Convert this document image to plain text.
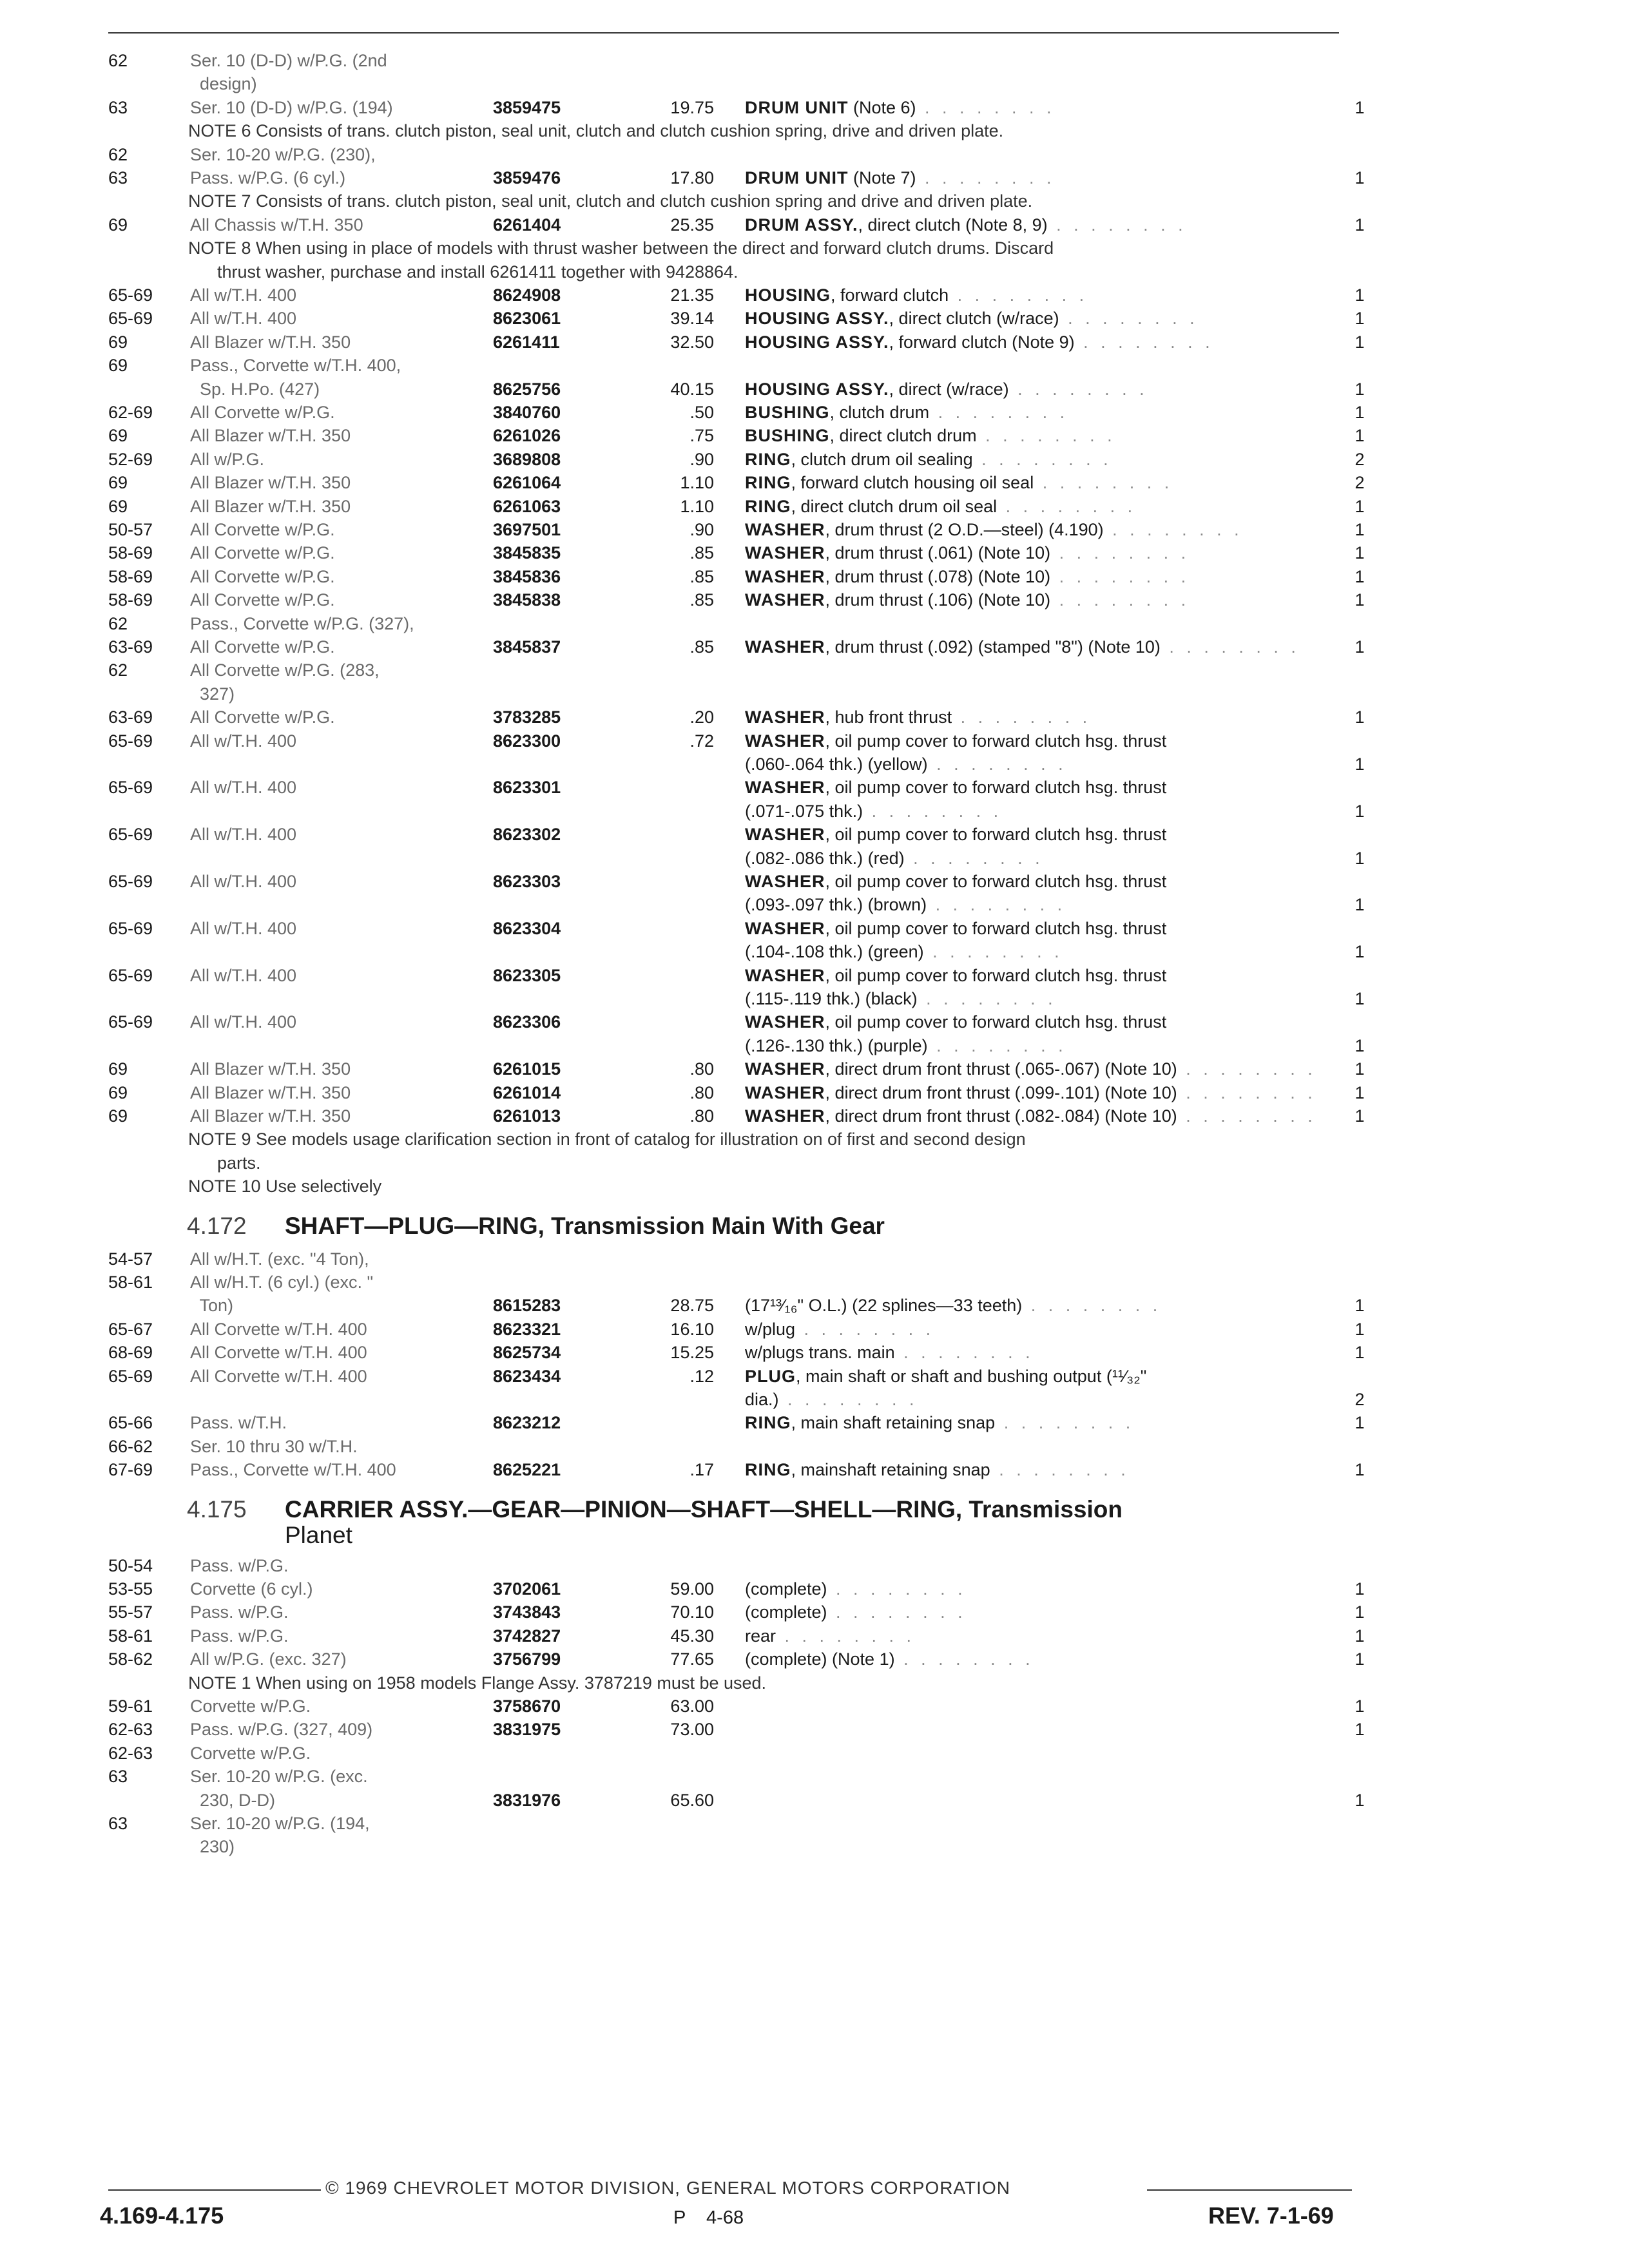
62	Ser. 10 (D-D) w/P.G. (2nd
design)
63	Ser. 10 (D-D) w/P.G. (194)	3859475	19.75 DRUM UNIT (Note 6) . . . . . . . .	1
NOTE 6 Consists of trans. clutch piston, seal unit, clutch and clutch cushion spring, drive and driven plate.
62	Ser. 10-20 w/P.G. (230),
63	Pass. w/P.G. (6 cyl.)	3859476	17.80 DRUM UNIT (Note 7) . . . . . . . .	1
NOTE 7 Consists of trans. clutch piston, seal unit, clutch and clutch cushion spring and drive and driven plate.
69	All Chassis w/T.H. 350	6261404	25.35 DRUM ASSY., direct clutch (Note 8, 9) . . . . . . . .	1
NOTE 8 When using in place of models with thrust washer between the direct and forward clutch drums. Discard
thrust washer, purchase and install 6261411 together with 9428864.
65-69 All w/T.H. 400	8624908	21.35 HOUSING, forward clutch . . . . . . . .	1
65-69 All w/T.H. 400	8623061	39.14 HOUSING ASSY., direct clutch (w/race) . . . . . . . .	1
69	All Blazer w/T.H. 350	6261411	32.50 HOUSING ASSY., forward clutch (Note 9) . . . . . . . .	1
69	Pass., Corvette w/T.H. 400,
Sp. H.Po. (427)	8625756	40.15 HOUSING ASSY., direct (w/race) . . . . . . . .	1
62-69 All Corvette w/P.G.	3840760	.50 BUSHING, clutch drum . . . . . . . .	1
69	All Blazer w/T.H. 350	6261026	.75 BUSHING, direct clutch drum . . . . . . . .	1
52-69 All w/P.G.	3689808	.90 RING, clutch drum oil sealing . . . . . . . .	2
69	All Blazer w/T.H. 350	6261064	1.10 RING, forward clutch housing oil seal . . . . . . . .	2
69	All Blazer w/T.H. 350	6261063	1.10 RING, direct clutch drum oil seal . . . . . . . .	1
50-57 All Corvette w/P.G.	3697501	.90 WASHER, drum thrust (2 O.D.—steel) (4.190) . . . . . . . .	1
58-69 All Corvette w/P.G.	3845835	.85 WASHER, drum thrust (.061) (Note 10) . . . . . . . .	1
58-69 All Corvette w/P.G.	3845836	.85 WASHER, drum thrust (.078) (Note 10) . . . . . . . .	1
58-69 All Corvette w/P.G.	3845838	.85 WASHER, drum thrust (.106) (Note 10) . . . . . . . .	1
62	Pass., Corvette w/P.G. (327),
63-69 All Corvette w/P.G.	3845837	.85 WASHER, drum thrust (.092) (stamped "8") (Note 10) . . . . . . . .	1
62	All Corvette w/P.G. (283,
327)
63-69 All Corvette w/P.G.	3783285	.20 WASHER, hub front thrust . . . . . . . .	1
65-69 All w/T.H. 400	8623300	.72 WASHER, oil pump cover to forward clutch hsg. thrust
(.060-.064 thk.) (yellow) . . . . . . . .	1
65-69 All w/T.H. 400	8623301	WASHER, oil pump cover to forward clutch hsg. thrust
(.071-.075 thk.) . . . . . . . .	1
65-69 All w/T.H. 400	8623302	WASHER, oil pump cover to forward clutch hsg. thrust
(.082-.086 thk.) (red) . . . . . . . .	1
65-69 All w/T.H. 400	8623303	WASHER, oil pump cover to forward clutch hsg. thrust
(.093-.097 thk.) (brown) . . . . . . . .	1
65-69 All w/T.H. 400	8623304	WASHER, oil pump cover to forward clutch hsg. thrust
(.104-.108 thk.) (green) . . . . . . . .	1
65-69 All w/T.H. 400	8623305	WASHER, oil pump cover to forward clutch hsg. thrust
(.115-.119 thk.) (black) . . . . . . . .	1
65-69 All w/T.H. 400	8623306	WASHER, oil pump cover to forward clutch hsg. thrust
(.126-.130 thk.) (purple) . . . . . . . .	1
69	All Blazer w/T.H. 350	6261015	.80 WASHER, direct drum front thrust (.065-.067) (Note 10) . . . . . . . . 1
69	All Blazer w/T.H. 350	6261014	.80 WASHER, direct drum front thrust (.099-.101) (Note 10) . . . . . . . . 1
69	All Blazer w/T.H. 350	6261013	.80 WASHER, direct drum front thrust (.082-.084) (Note 10) . . . . . . . . 1
NOTE 9 See models usage clarification section in front of catalog for illustration on of first and second design
parts.
NOTE 10 Use selectively
4.172 SHAFT—PLUG—RING, Transmission Main With Gear
54-57 All w/H.T. (exc. "4 Ton),
58-61 All w/H.T. (6 cyl.) (exc. "
Ton)	8615283	28.75 (17¹³⁄₁₆" O.L.) (22 splines—33 teeth) . . . . . . . .	1
65-67 All Corvette w/T.H. 400	8623321	16.10 w/plug . . . . . . . .	1
68-69 All Corvette w/T.H. 400	8625734	15.25 w/plugs trans. main . . . . . . . .	1
65-69 All Corvette w/T.H. 400	8623434	.12 PLUG, main shaft or shaft and bushing output (¹¹⁄₃₂"
dia.) . . . . . . . .	2
65-66 Pass. w/T.H.	8623212	RING, main shaft retaining snap . . . . . . . .	1
66-62 Ser. 10 thru 30 w/T.H.
67-69 Pass., Corvette w/T.H. 400	8625221	.17 RING, mainshaft retaining snap . . . . . . . .	1
4.175 CARRIER ASSY.—GEAR—PINION—SHAFT—SHELL—RING, Transmission
Planet
50-54 Pass. w/P.G.
53-55 Corvette (6 cyl.)	3702061	59.00 (complete) . . . . . . . .	1
55-57 Pass. w/P.G.	3743843	70.10 (complete) . . . . . . . .	1
58-61 Pass. w/P.G.	3742827	45.30 rear . . . . . . . .	1
58-62 All w/P.G. (exc. 327)	3756799	77.65 (complete) (Note 1) . . . . . . . .	1
NOTE 1 When using on 1958 models Flange Assy. 3787219 must be used.
59-61 Corvette w/P.G.	3758670	63.00	1
62-63 Pass. w/P.G. (327, 409)	3831975	73.00	1
62-63 Corvette w/P.G.
63	Ser. 10-20 w/P.G. (exc.
230, D-D)	3831976	65.60	1
63	Ser. 10-20 w/P.G. (194,
230)
© 1969 CHEVROLET MOTOR DIVISION, GENERAL MOTORS CORPORATION
4.169-4.175	P    4-68	REV. 7-1-69
